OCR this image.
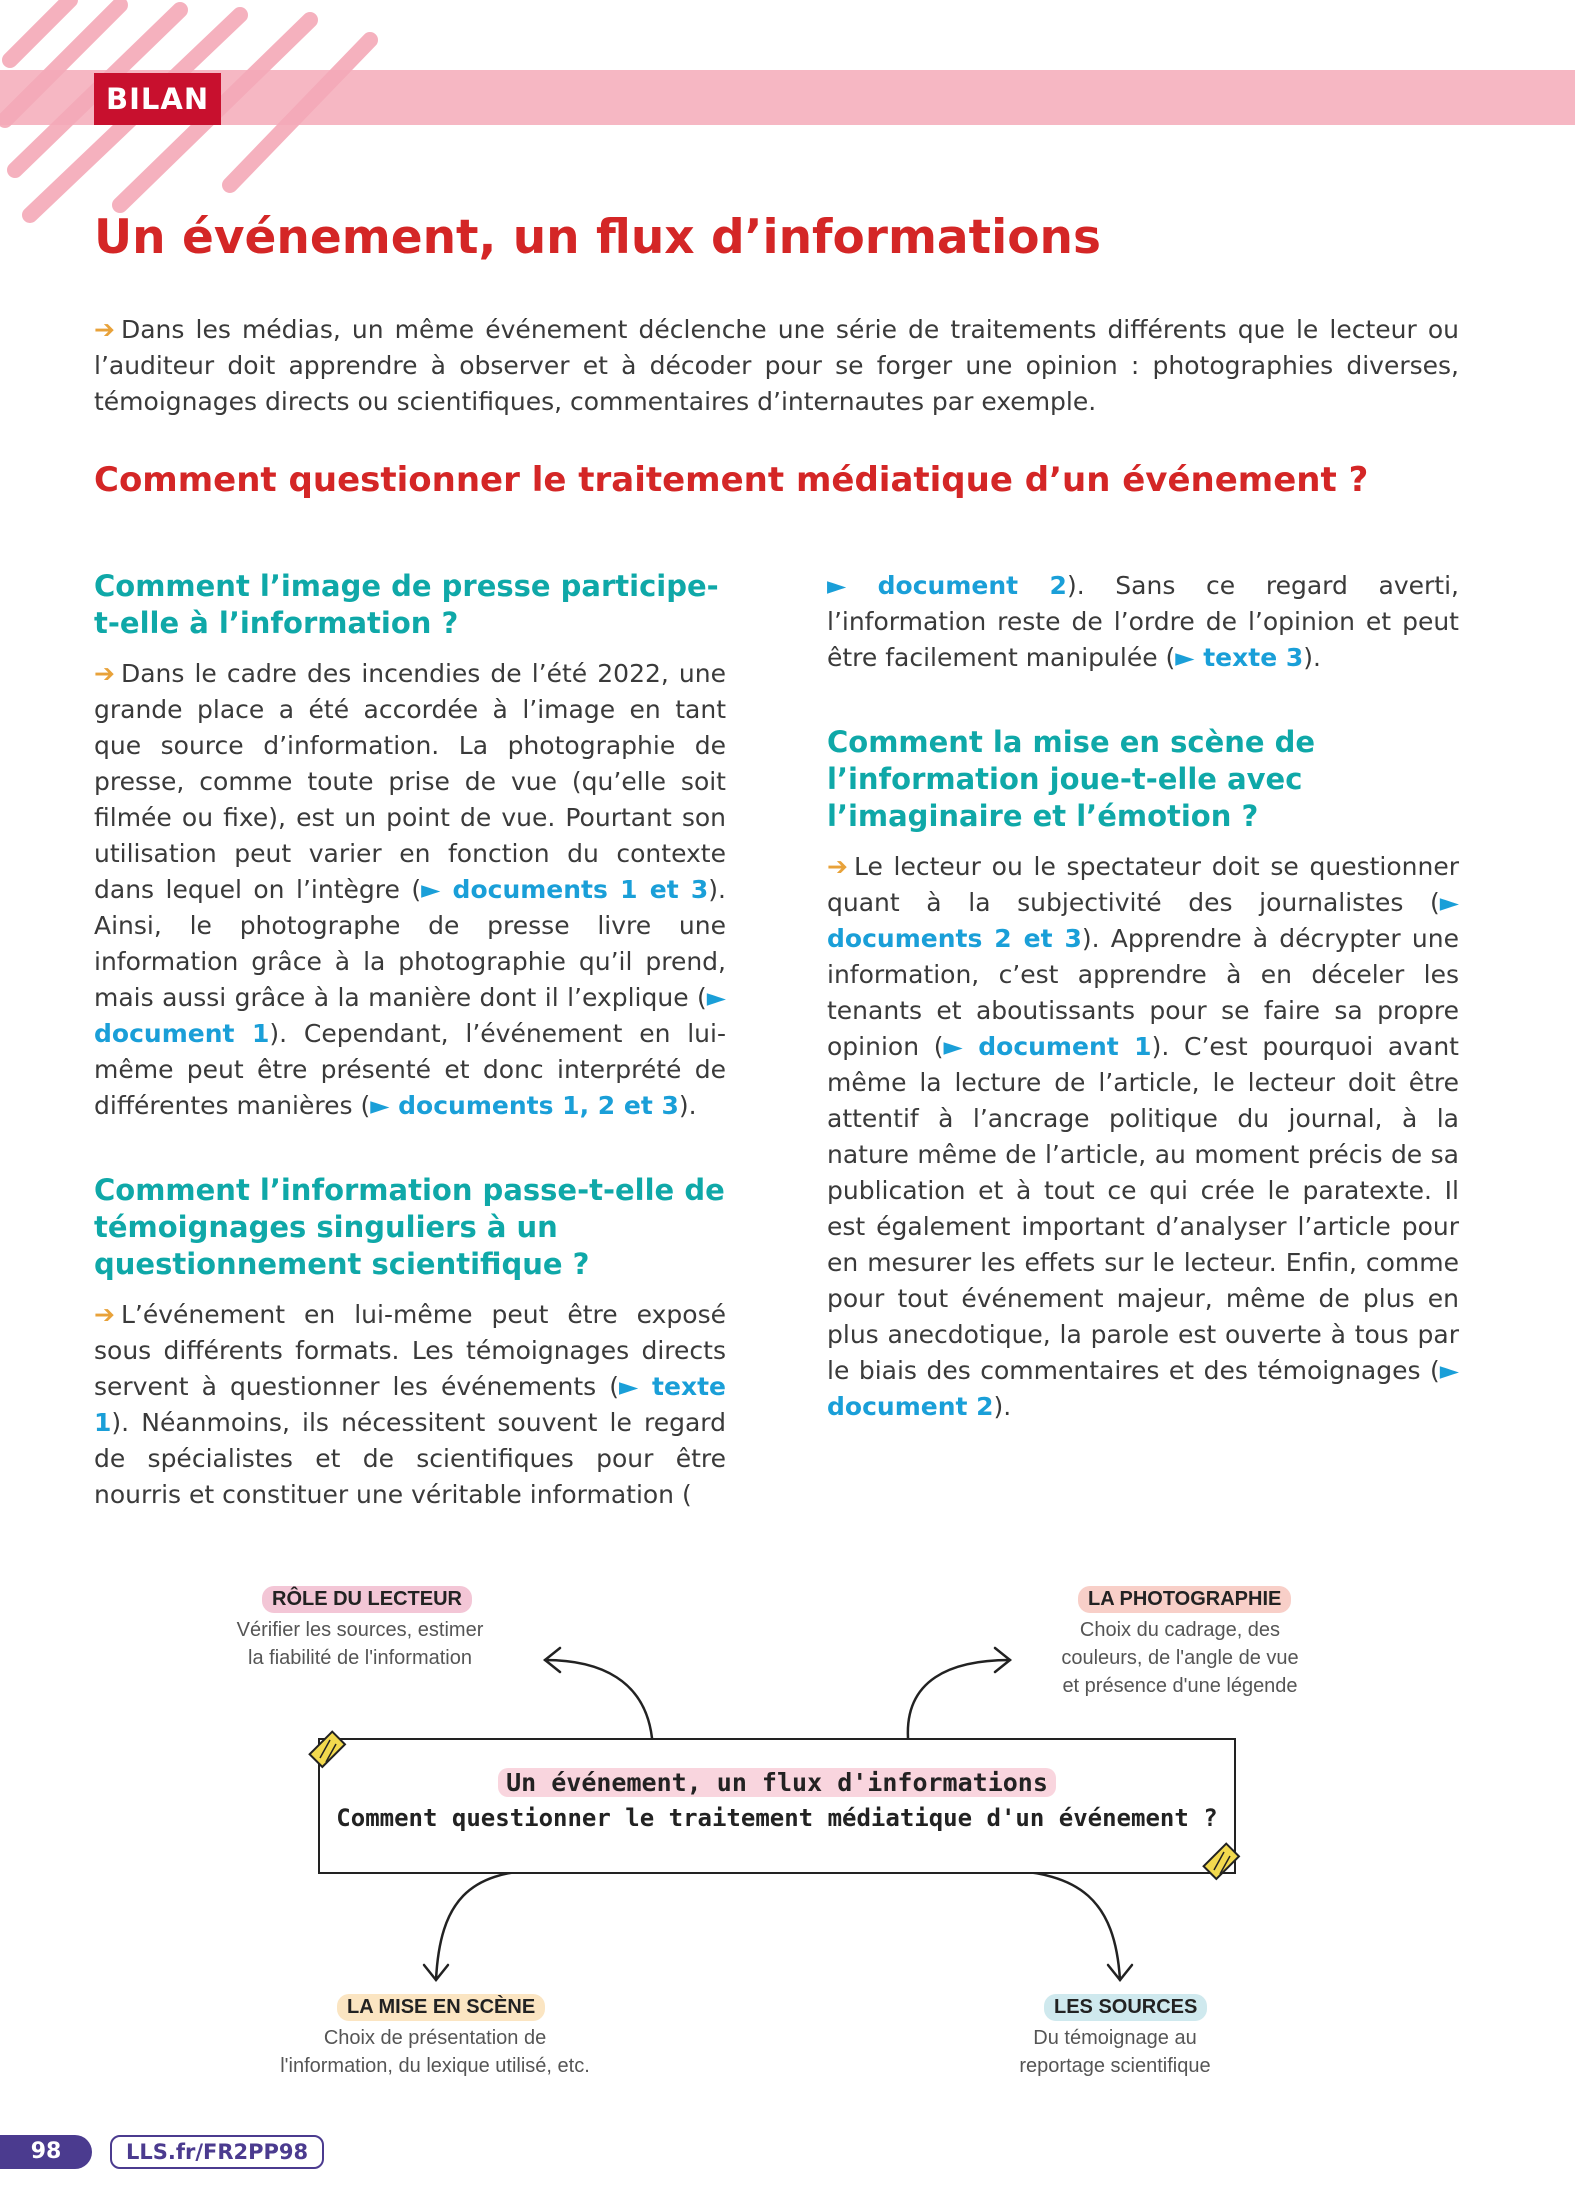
BILAN
Un événement, un flux d’informations

➔ Dans les médias, un même événement déclenche une série de traitements différents que le lecteur ou l’auditeur doit apprendre à observer et à décoder pour se forger une opinion : photographies diverses, témoignages directs ou scientifiques, commentaires d’internautes par exemple.

Comment questionner le traitement médiatique d’un événement ?
Comment l’image de presse participe-t-elle à l’information ?

➔ Dans le cadre des incendies de l’été 2022, une grande place a été accordée à l’image en tant que source d’information. La photographie de presse, comme toute prise de vue (qu’elle soit filmée ou fixe), est un point de vue. Pourtant son utilisation peut varier en fonction du contexte dans lequel on l’intègre (► documents 1 et 3). Ainsi, le photographe de presse livre une information grâce à la photographie qu’il prend, mais aussi grâce à la manière dont il l’explique (► document 1). Cependant, l’événement en lui-même peut être présenté et donc interprété de différentes manières (► documents 1, 2 et 3).

Comment l’information passe-t-elle de témoignages singuliers à un questionnement scientifique ?

➔ L’événement en lui-même peut être exposé sous différents formats. Les témoignages directs servent à questionner les événements (► texte 1). Néanmoins, ils nécessitent souvent le regard de spécialistes et de scientifiques pour être nourris et constituer une véritable information (

► document 2). Sans ce regard averti, l’information reste de l’ordre de l’opinion et peut être facilement manipulée (► texte 3).

Comment la mise en scène de l’information joue-t-elle avec l’imaginaire et l’émotion ?

➔ Le lecteur ou le spectateur doit se questionner quant à la subjectivité des journalistes (► documents 2 et 3). Apprendre à décrypter une information, c’est apprendre à en déceler les tenants et aboutissants pour se faire sa propre opinion (► document 1). C’est pourquoi avant même la lecture de l’article, le lecteur doit être attentif à l’ancrage politique du journal, à la nature même de l’article, au moment précis de sa publication et à tout ce qui crée le paratexte. Il est également important d’analyser l’article pour en mesurer les effets sur le lecteur. Enfin, comme pour tout événement majeur, même de plus en plus anecdotique, la parole est ouverte à tous par le biais des commentaires et des témoignages (► document 2).

Un événement, un flux d'informations
Comment questionner le traitement médiatique d'un événement ?
RÔLE DU LECTEUR
Vérifier les sources, estimer
la fiabilité de l'information
LA PHOTOGRAPHIE
Choix du cadrage, des
couleurs, de l'angle de vue
et présence d'une légende
LA MISE EN SCÈNE
Choix de présentation de
l'information, du lexique utilisé, etc.
LES SOURCES
Du témoignage au
reportage scientifique
98	LLS.fr/FR2PP98
